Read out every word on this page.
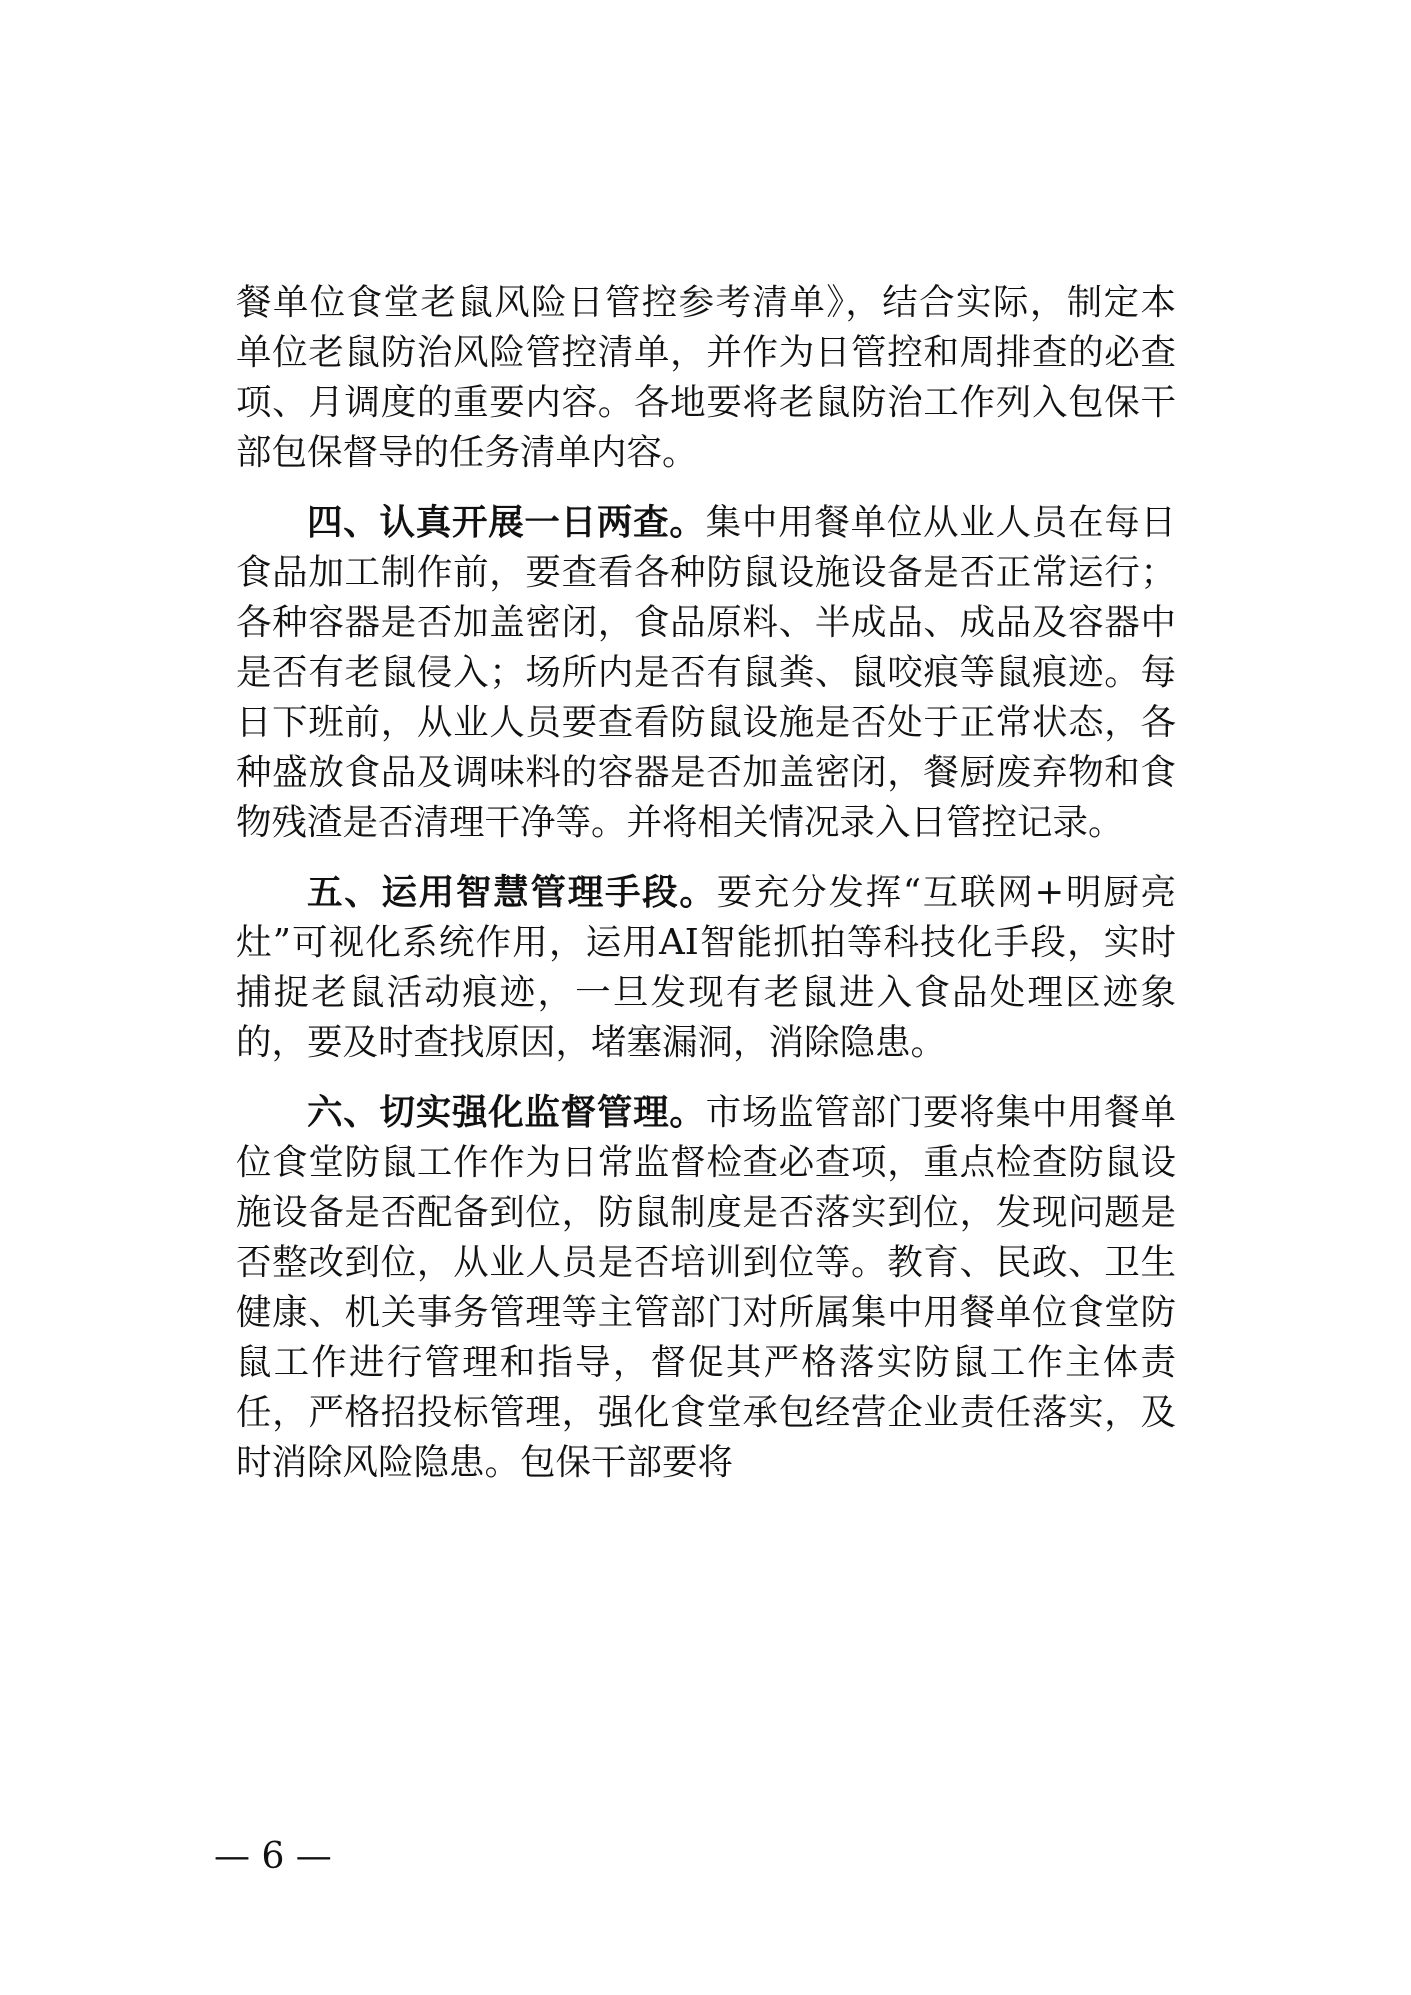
餐单位食堂老鼠风险日管控参考清单》，结合实际，制定本单位老鼠防治风险管控清单，并作为日管控和周排查的必查项、月调度的重要内容。各地要将老鼠防治工作列入包保干部包保督导的任务清单内容。

四、认真开展一日两查。集中用餐单位从业人员在每日食品加工制作前，要查看各种防鼠设施设备是否正常运行；各种容器是否加盖密闭，食品原料、半成品、成品及容器中是否有老鼠侵入；场所内是否有鼠粪、鼠咬痕等鼠痕迹。每日下班前，从业人员要查看防鼠设施是否处于正常状态，各种盛放食品及调味料的容器是否加盖密闭，餐厨废弃物和食物残渣是否清理干净等。并将相关情况录入日管控记录。

五、运用智慧管理手段。要充分发挥“互联网+明厨亮灶”可视化系统作用，运用AI智能抓拍等科技化手段，实时捕捉老鼠活动痕迹，一旦发现有老鼠进入食品处理区迹象的，要及时查找原因，堵塞漏洞，消除隐患。

六、切实强化监督管理。市场监管部门要将集中用餐单位食堂防鼠工作作为日常监督检查必查项，重点检查防鼠设施设备是否配备到位，防鼠制度是否落实到位，发现问题是否整改到位，从业人员是否培训到位等。教育、民政、卫生健康、机关事务管理等主管部门对所属集中用餐单位食堂防鼠工作进行管理和指导，督促其严格落实防鼠工作主体责任，严格招投标管理，强化食堂承包经营企业责任落实，及时消除风险隐患。包保干部要将

— 6 —
